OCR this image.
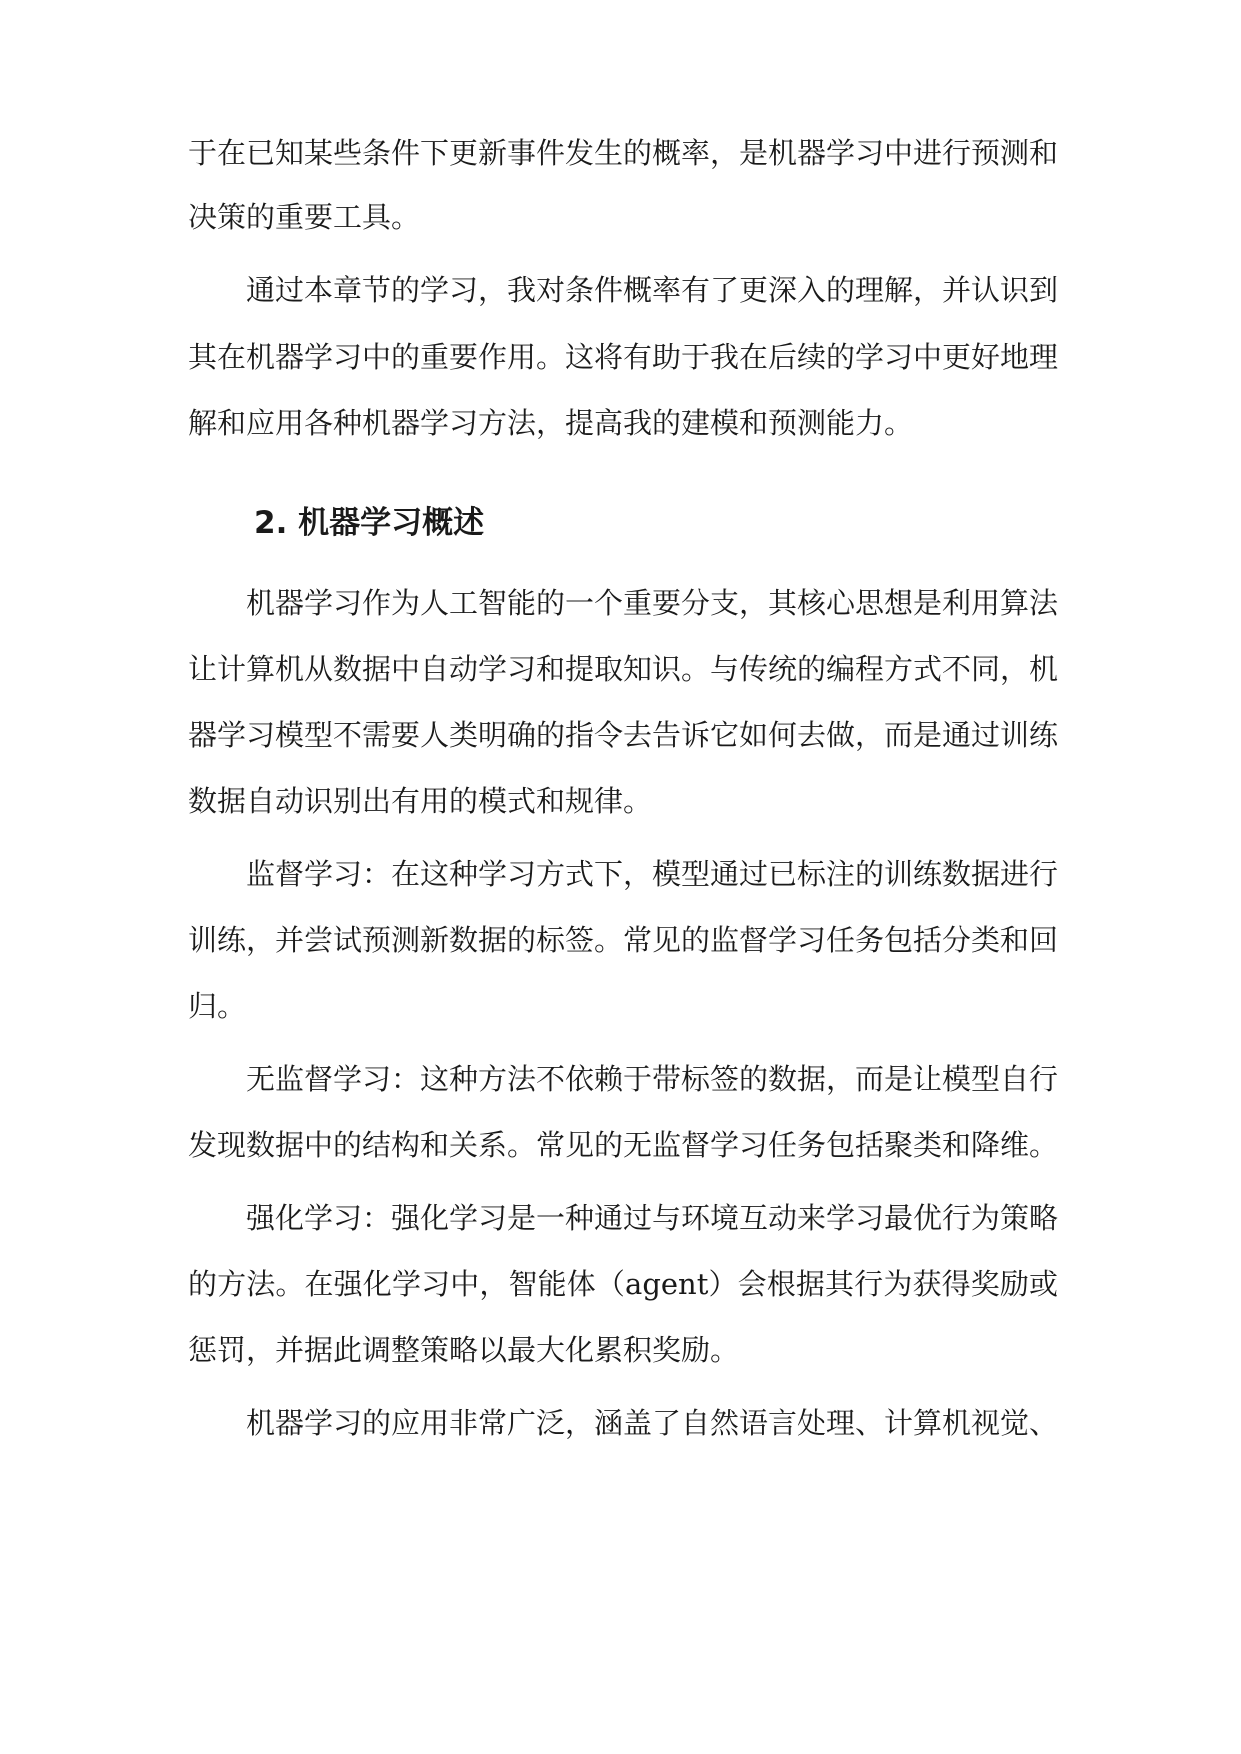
于在已知某些条件下更新事件发生的概率，是机器学习中进行预测和
决策的重要工具。
通过本章节的学习，我对条件概率有了更深入的理解，并认识到
其在机器学习中的重要作用。这将有助于我在后续的学习中更好地理
解和应用各种机器学习方法，提高我的建模和预测能力。
2. 机器学习概述
机器学习作为人工智能的一个重要分支，其核心思想是利用算法
让计算机从数据中自动学习和提取知识。与传统的编程方式不同，机
器学习模型不需要人类明确的指令去告诉它如何去做，而是通过训练
数据自动识别出有用的模式和规律。
监督学习：在这种学习方式下，模型通过已标注的训练数据进行
训练，并尝试预测新数据的标签。常见的监督学习任务包括分类和回
归。
无监督学习：这种方法不依赖于带标签的数据，而是让模型自行
发现数据中的结构和关系。常见的无监督学习任务包括聚类和降维。
强化学习：强化学习是一种通过与环境互动来学习最优行为策略
的方法。在强化学习中，智能体（agent）会根据其行为获得奖励或
惩罚，并据此调整策略以最大化累积奖励。
机器学习的应用非常广泛，涵盖了自然语言处理、计算机视觉、
